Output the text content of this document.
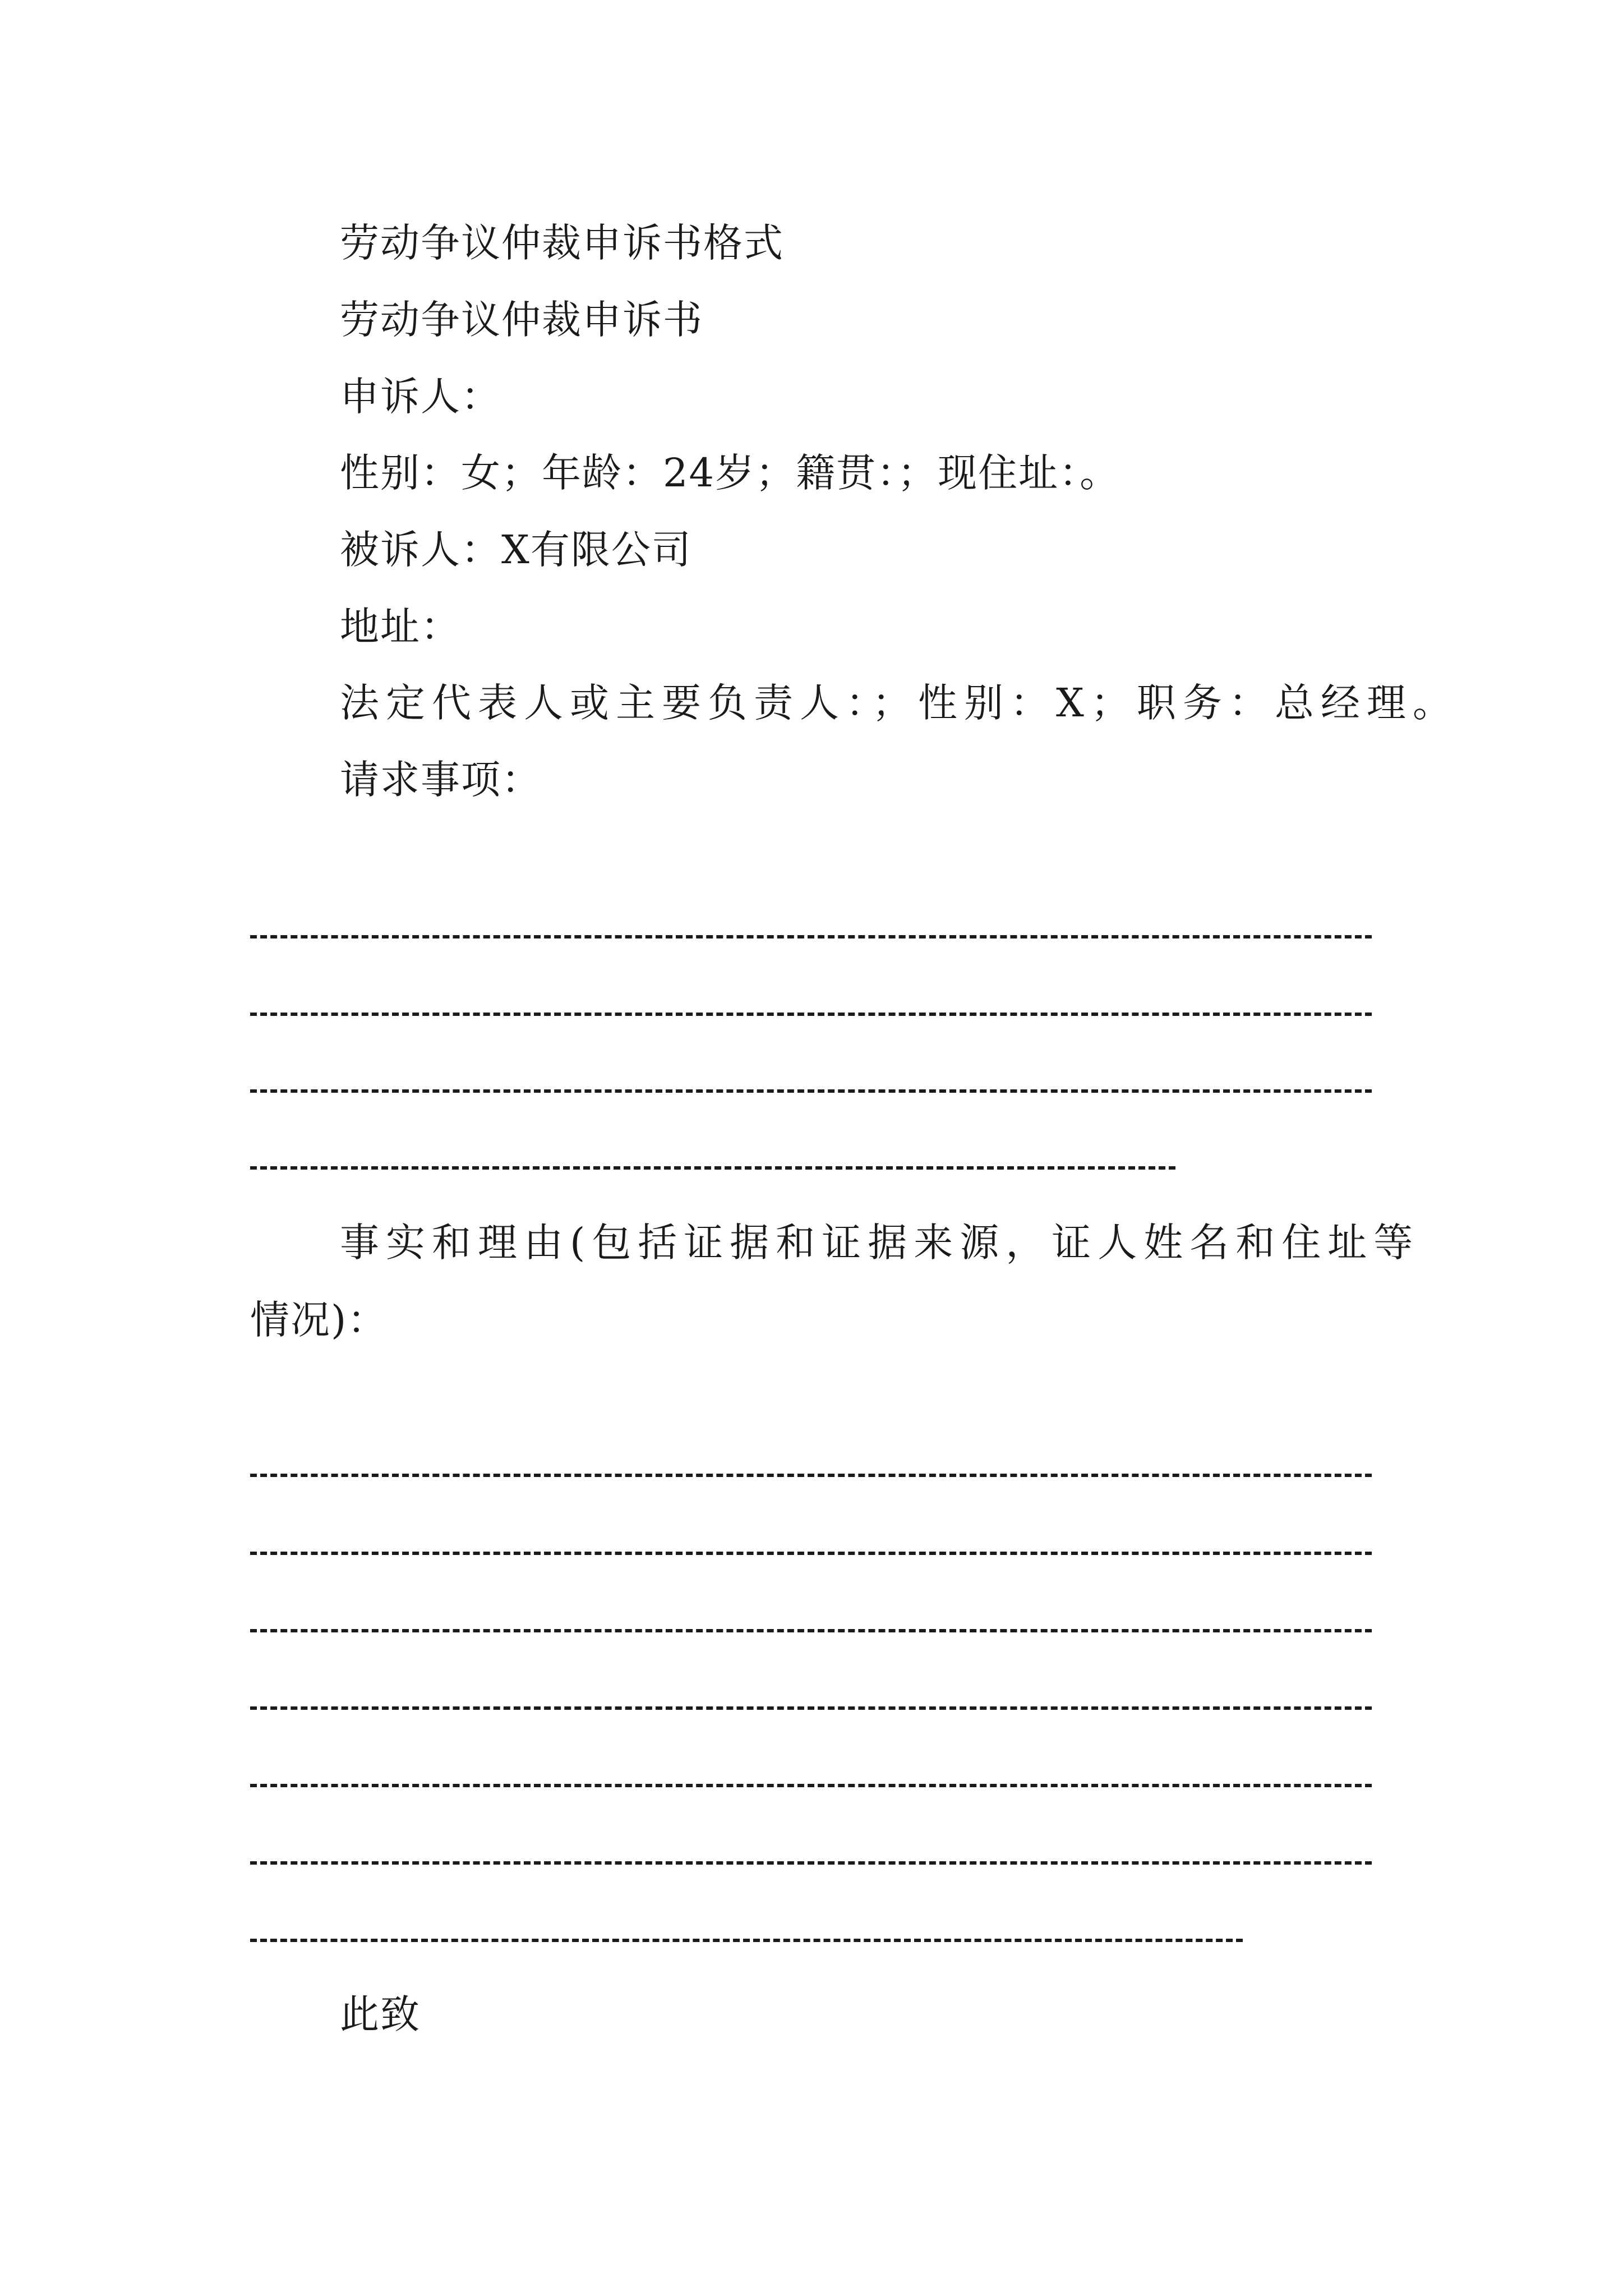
劳动争议仲裁申诉书格式
劳动争议仲裁申诉书
申诉人：
性别：女；年龄：24岁；籍贯：；现住址：。
被诉人：X有限公司
地址：
法定代表人或主要负责人：；性别：X；职务：总经理。
请求事项：
事实和理由(包括证据和证据来源，证人姓名和住址等
情况)：
此致
